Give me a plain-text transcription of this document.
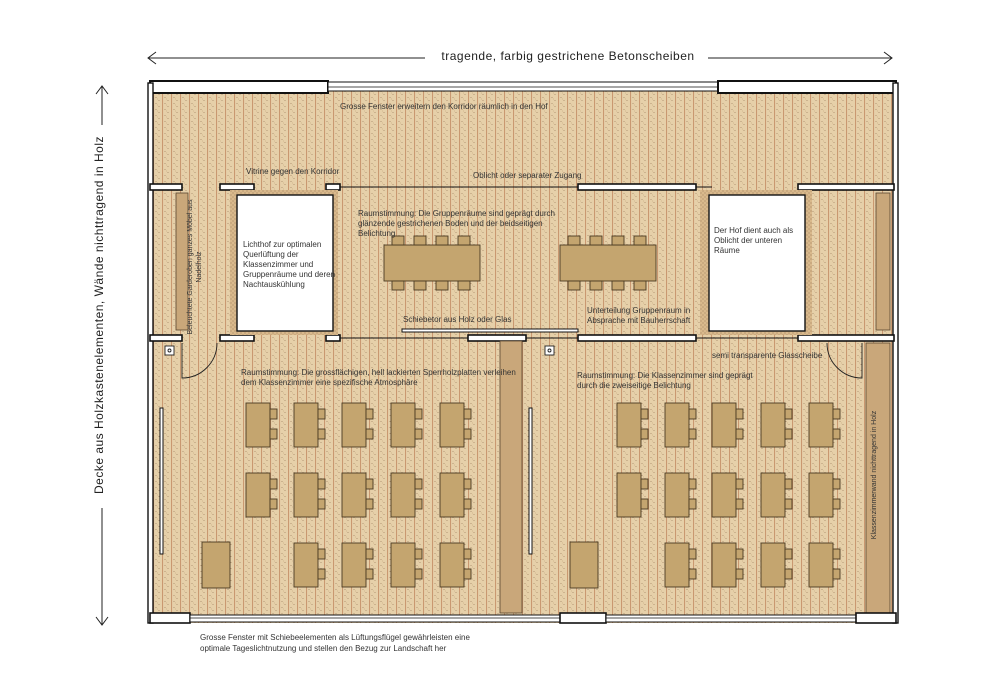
tragende, farbig gestrichene Betonscheiben
Decke aus Holzkastenelementen, Wände nichttragend in Holz
Grosse Fenster erweitern den Korridor räumlich in den Hof
Vitrine gegen den Korridor	Oblicht oder separater Zugang
Beleuchtete Garderoben ganzes Möbel aus Nadelholz
Lichthof zur optimalen Querlüftung der Klassenzimmer und Gruppenräume und deren Nachtauskühlung
Der Hof dient auch als Oblicht der unteren Räume
Raumstimmung: Die Gruppenräume sind geprägt durch glänzende gestrichenen Boden und der beidseitigen Belichtung
Schiebetor aus Holz oder Glas
Unterteilung Gruppenraum in Absprache mit Bauherrschaft
semi transparente Glasscheibe
Raumstimmung: Die grossflächigen, hell lackierten Sperrholzplatten verleihen dem Klassenzimmer eine spezifische Atmosphäre
Raumstimmung: Die Klassenzimmer sind geprägt durch die zweiseitige Belichtung
Klassenzimmerwand nichttragend in Holz
Grosse Fenster mit Schiebeelementen als Lüftungsflügel gewährleisten eine
optimale Tageslichtnutzung und stellen den Bezug zur Landschaft her
